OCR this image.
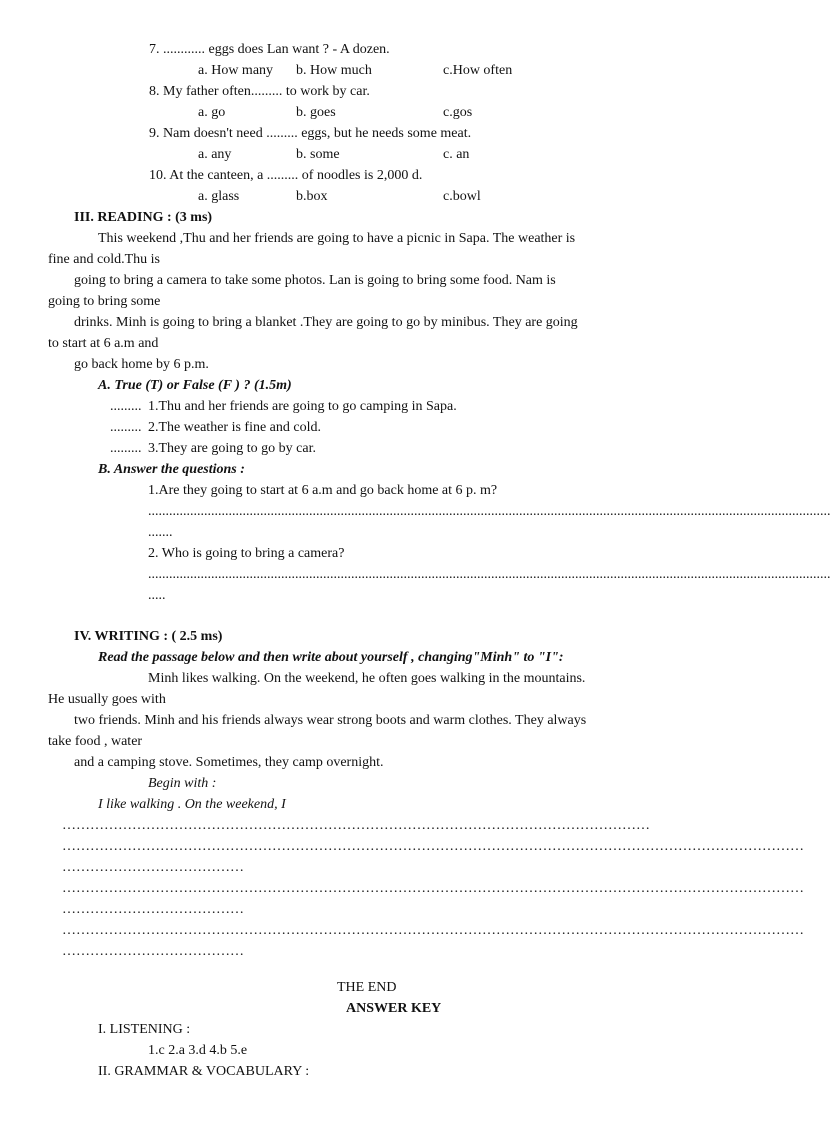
7. ............ eggs does Lan want ? - A dozen.
a. How many b. How much	c.How often
8. My father often......... to work by car.
a. go	b. goes	c.gos
9. Nam doesn't need ......... eggs, but he needs some meat.
a. any	b. some	c. an
10. At the canteen, a ......... of noodles is 2,000 d.
a. glass	b.box	c.bowl
III. READING : (3 ms)
This weekend ,Thu and her friends are going to have a picnic in Sapa. The weather is
fine and cold.Thu is
going to bring a camera to take some photos. Lan is going to bring some food. Nam is
going to bring some
drinks. Minh is going to bring a blanket .They are going to go by minibus. They are going
to start at 6 a.m and
go back home by 6 p.m.
A. True (T) or False (F ) ? (1.5m)
......... 1.Thu and her friends are going to go camping in Sapa.
......... 2.The weather is fine and cold.
......... 3.They are going to go by car.
B. Answer the questions :
1.Are they going to start at 6 a.m and go back home at 6 p. m?
...................................................................................................................................................................................................
.......
2. Who is going to bring a camera?
...................................................................................................................................................................................................
.....
IV. WRITING : ( 2.5 ms)
Read the passage below and then write about yourself , changing"Minh" to "I":
Minh likes walking. On the weekend, he often goes walking in the mountains.
He usually goes with
two friends. Minh and his friends always wear strong boots and warm clothes. They always
take food , water
and a camping stove. Sometimes, they camp overnight.
Begin with :
I like walking . On the weekend, I
………………………………………………………………………………………………………………
……………………………………………………………………………………………………………………………………………
…………………………………
……………………………………………………………………………………………………………………………………………
…………………………………
……………………………………………………………………………………………………………………………………………
…………………………………
THE END
ANSWER KEY
I. LISTENING :
1.c 2.a 3.d 4.b 5.e
II. GRAMMAR & VOCABULARY :
